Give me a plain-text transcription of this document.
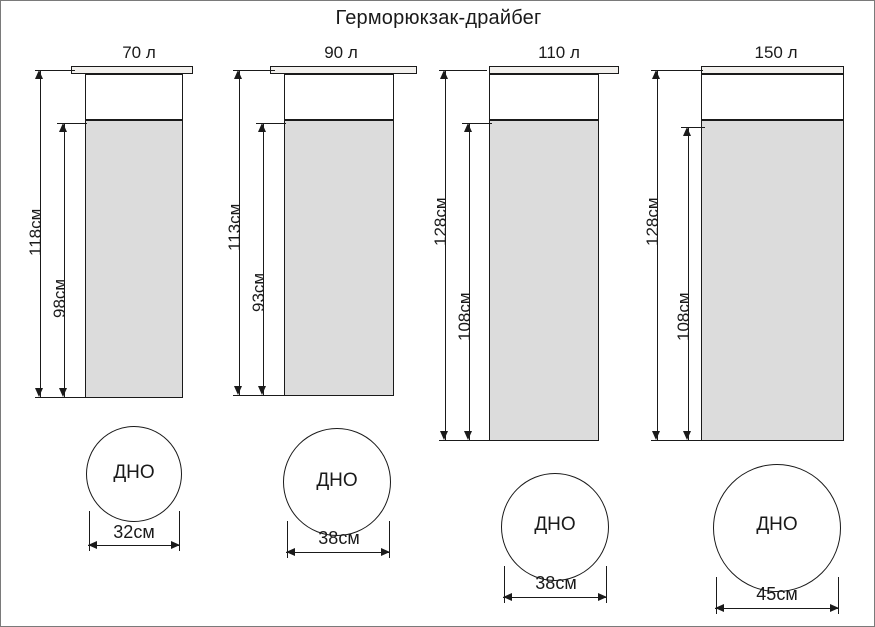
Герморюкзак-драйбег
70 л
118см
98см
ДНО
32см
90 л
113см
93см
ДНО
38см
110 л
128см
108см
ДНО
38см
150 л
128см
108см
ДНО
45см
